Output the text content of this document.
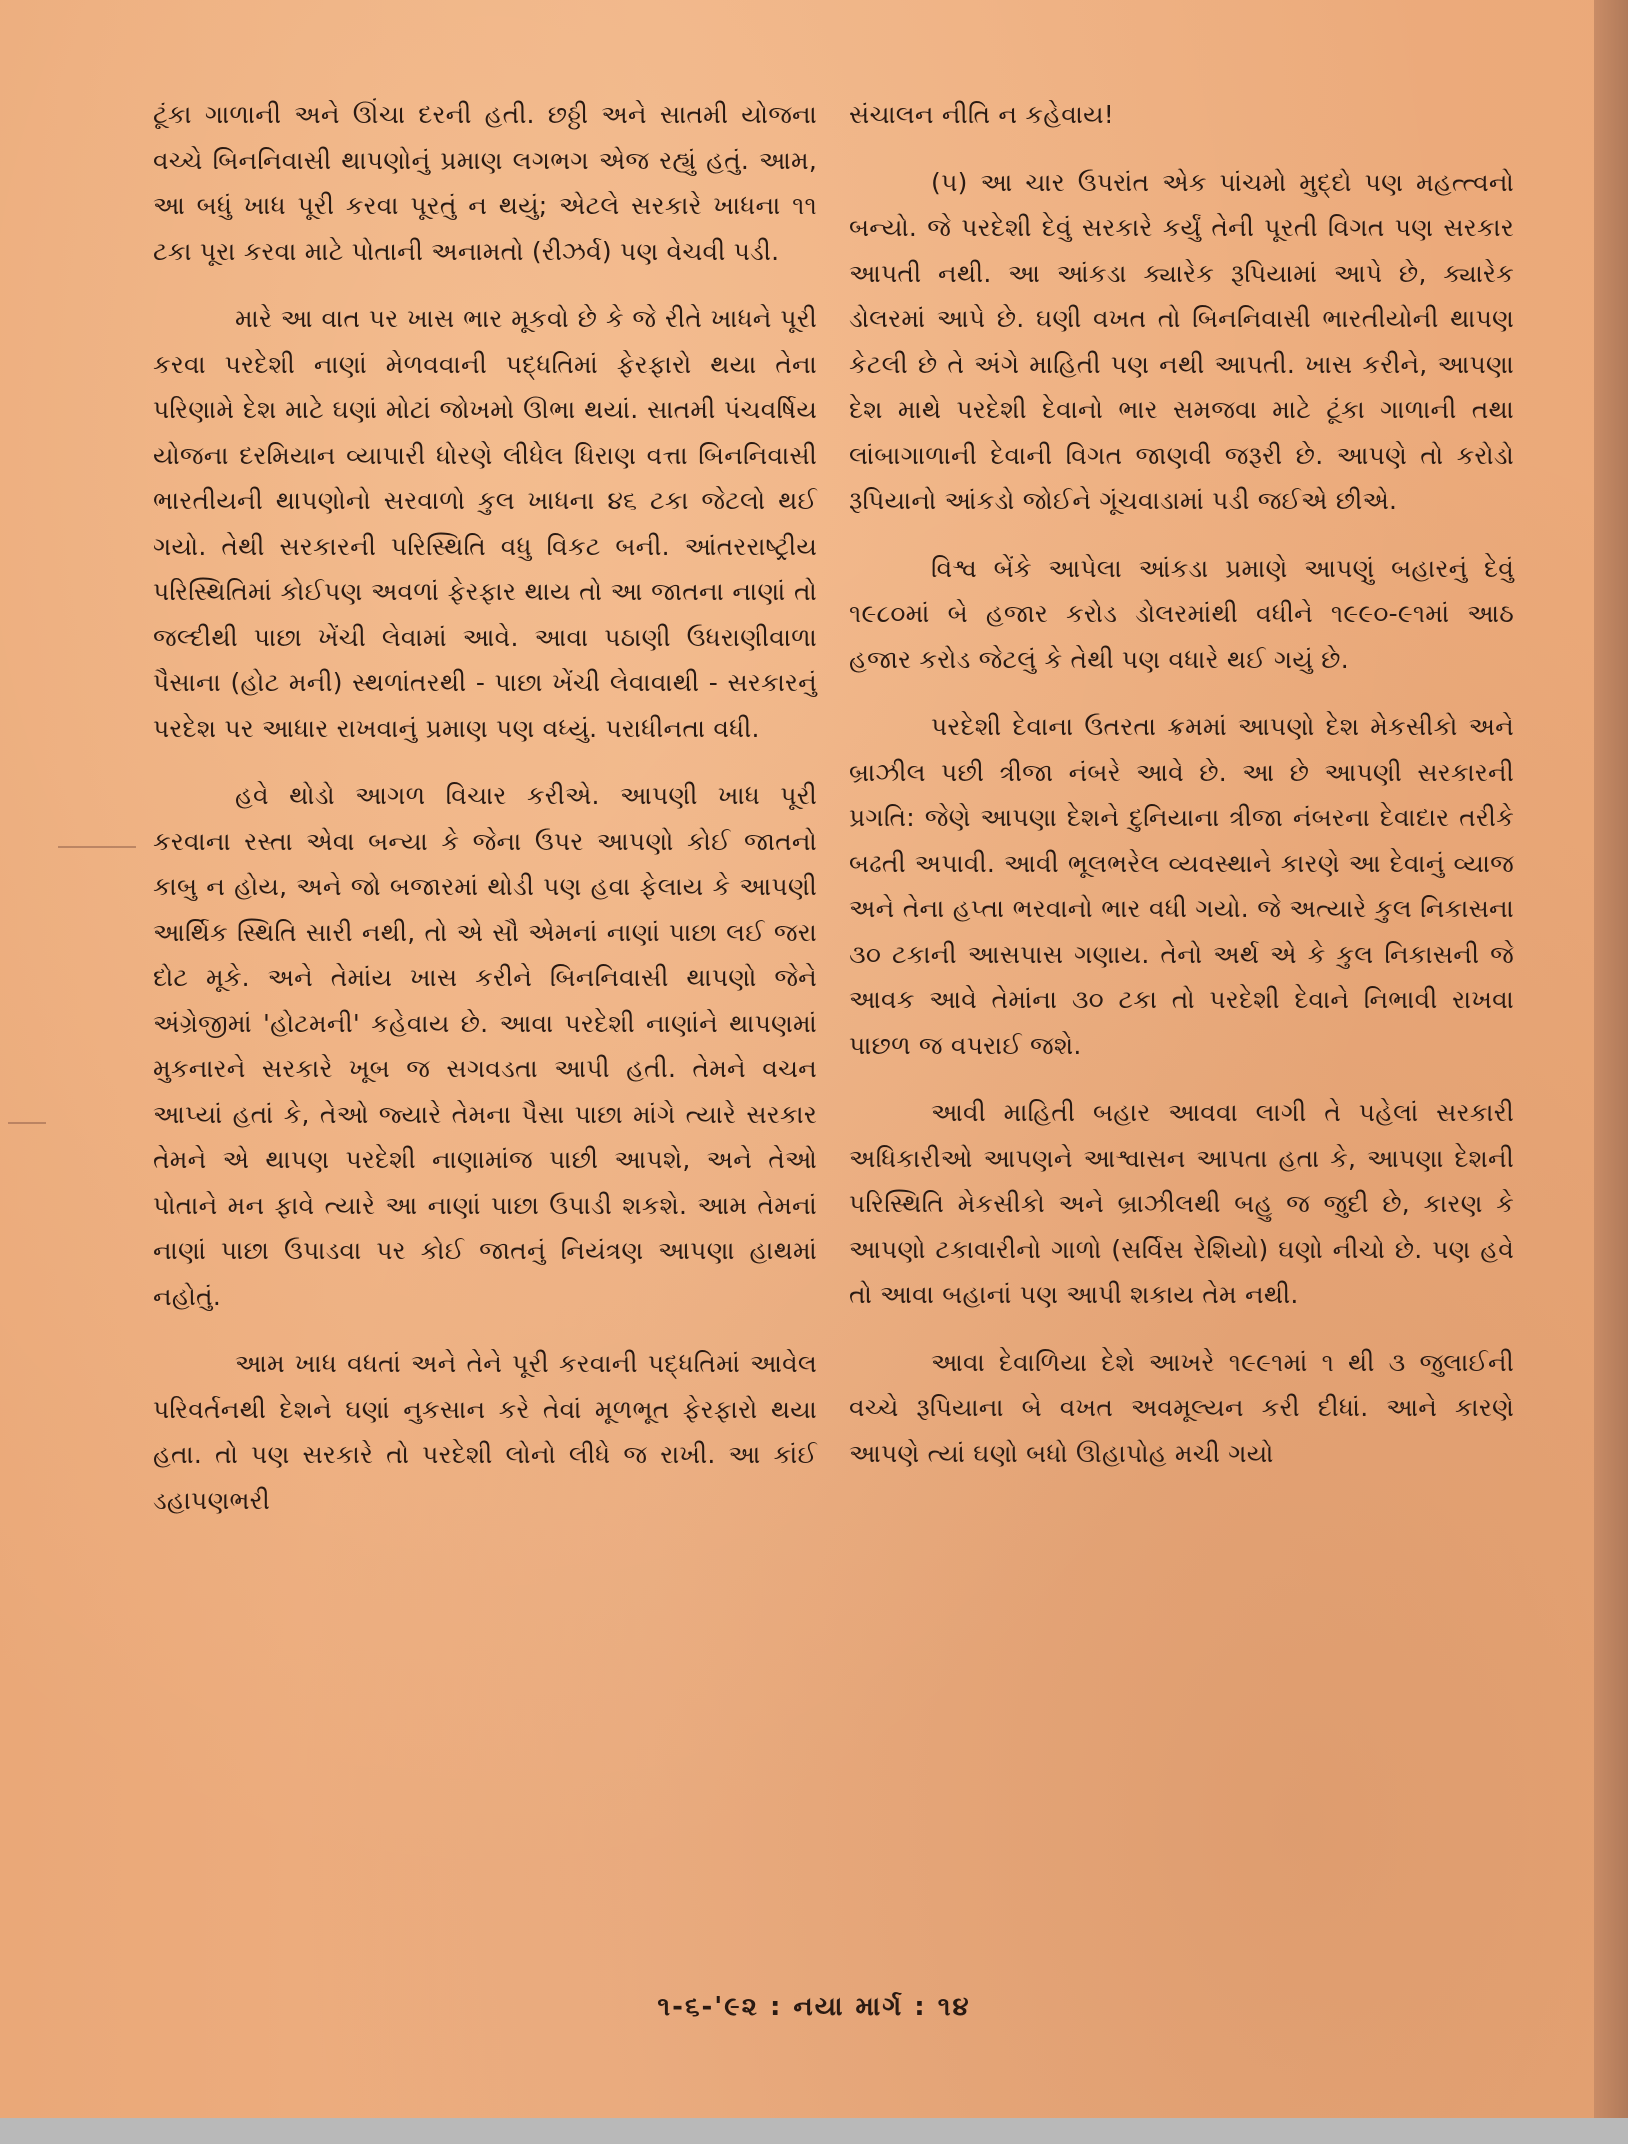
ટૂંકા ગાળાની અને ઊંચા દરની હતી. છઠ્ઠી અને સાતમી યોજના વચ્ચે બિનનિવાસી થાપણોનું પ્રમાણ લગભગ એજ રહ્યું હતું. આમ, આ બધું ખાધ પૂરી કરવા પૂરતું ન થયું; એટલે સરકારે ખાધના ૧૧ ટકા પૂરા કરવા માટે પોતાની અનામતો (રીઝર્વ) પણ વેચવી પડી.

મારે આ વાત પર ખાસ ભાર મૂકવો છે કે જે રીતે ખાધને પૂરી કરવા પરદેશી નાણાં મેળવવાની પદ્ધતિમાં ફેરફારો થયા તેના પરિણામે દેશ માટે ઘણાં મોટાં જોખમો ઊભા થયાં. સાતમી પંચવર્ષિય યોજના દરમિયાન વ્યાપારી ધોરણે લીધેલ ધિરાણ વત્તા બિનનિવાસી ભારતીયની થાપણોનો સરવાળો કુલ ખાધના ૪૬ ટકા જેટલો થઈ ગયો. તેથી સરકારની પરિસ્થિતિ વધુ વિકટ બની. આંતરરાષ્ટ્રીય પરિસ્થિતિમાં કોઈપણ અવળાં ફેરફાર થાય તો આ જાતના નાણાં તો જલ્દીથી પાછા ખેંચી લેવામાં આવે. આવા પઠાણી ઉધરાણીવાળા પૈસાના (હોટ મની) સ્થળાંતરથી - પાછા ખેંચી લેવાવાથી - સરકારનું પરદેશ પર આધાર રાખવાનું પ્રમાણ પણ વધ્યું. પરાધીનતા વધી.

હવે થોડો આગળ વિચાર કરીએ. આપણી ખાધ પૂરી કરવાના રસ્તા એવા બન્યા કે જેના ઉપર આપણો કોઈ જાતનો કાબુ ન હોય, અને જો બજારમાં થોડી પણ હવા ફેલાય કે આપણી આર્થિક સ્થિતિ સારી નથી, તો એ સૌ એમનાં નાણાં પાછા લઈ જરા દોટ મૂકે. અને તેમાંય ખાસ કરીને બિનનિવાસી થાપણો જેને અંગ્રેજીમાં 'હોટમની' કહેવાય છે. આવા પરદેશી નાણાંને થાપણમાં મુકનારને સરકારે ખૂબ જ સગવડતા આપી હતી. તેમને વચન આપ્યાં હતાં કે, તેઓ જ્યારે તેમના પૈસા પાછા માંગે ત્યારે સરકાર તેમને એ થાપણ પરદેશી નાણામાંજ પાછી આપશે, અને તેઓ પોતાને મન ફાવે ત્યારે આ નાણાં પાછા ઉપાડી શકશે. આમ તેમનાં નાણાં પાછા ઉપાડવા પર કોઈ જાતનું નિયંત્રણ આપણા હાથમાં નહોતું.

આમ ખાધ વધતાં અને તેને પૂરી કરવાની પદ્ધતિમાં આવેલ પરિવર્તનથી દેશને ઘણાં નુકસાન કરે તેવાં મૂળભૂત ફેરફારો થયા હતા. તો પણ સરકારે તો પરદેશી લોનો લીધે જ રાખી. આ કાંઈ ડહાપણભરી

સંચાલન નીતિ ન કહેવાય!

(૫) આ ચાર ઉપરાંત એક પાંચમો મુદ્દો પણ મહત્ત્વનો બન્યો. જે પરદેશી દેવું સરકારે કર્યું તેની પૂરતી વિગત પણ સરકાર આપતી નથી. આ આંકડા ક્યારેક રૂપિયામાં આપે છે, ક્યારેક ડોલરમાં આપે છે. ઘણી વખત તો બિનનિવાસી ભારતીયોની થાપણ કેટલી છે તે અંગે માહિતી પણ નથી આપતી. ખાસ કરીને, આપણા દેશ માથે પરદેશી દેવાનો ભાર સમજવા માટે ટૂંકા ગાળાની તથા લાંબાગાળાની દેવાની વિગત જાણવી જરૂરી છે. આપણે તો કરોડો રૂપિયાનો આંકડો જોઈને ગૂંચવાડામાં પડી જઈએ છીએ.

વિશ્વ બેંકે આપેલા આંકડા પ્રમાણે આપણું બહારનું દેવું ૧૯૮૦માં બે હજાર કરોડ ડોલરમાંથી વધીને ૧૯૯૦-૯૧માં આઠ હજાર કરોડ જેટલું કે તેથી પણ વધારે થઈ ગયું છે.

પરદેશી દેવાના ઉતરતા ક્રમમાં આપણો દેશ મેકસીકો અને બ્રાઝીલ પછી ત્રીજા નંબરે આવે છે. આ છે આપણી સરકારની પ્રગતિ: જેણે આપણા દેશને દુનિયાના ત્રીજા નંબરના દેવાદાર તરીકે બઢતી અપાવી. આવી ભૂલભરેલ વ્યવસ્થાને કારણે આ દેવાનું વ્યાજ અને તેના હપ્તા ભરવાનો ભાર વધી ગયો. જે અત્યારે કુલ નિકાસના ૩૦ ટકાની આસપાસ ગણાય. તેનો અર્થ એ કે કુલ નિકાસની જે આવક આવે તેમાંના ૩૦ ટકા તો પરદેશી દેવાને નિભાવી રાખવા પાછળ જ વપરાઈ જશે.

આવી માહિતી બહાર આવવા લાગી તે પહેલાં સરકારી અધિકારીઓ આપણને આશ્વાસન આપતા હતા કે, આપણા દેશની પરિસ્થિતિ મેકસીકો અને બ્રાઝીલથી બહુ જ જુદી છે, કારણ કે આપણો ટકાવારીનો ગાળો (સર્વિસ રેશિયો) ઘણો નીચો છે. પણ હવે તો આવા બહાનાં પણ આપી શકાય તેમ નથી.

આવા દેવાળિયા દેશે આખરે ૧૯૯૧માં ૧ થી ૩ જુલાઈની વચ્ચે રૂપિયાના બે વખત અવમૂલ્યન કરી દીધાં. આને કારણે આપણે ત્યાં ઘણો બધો ઊહાપોહ મચી ગયો

૧-૬-'૯૨ : નયા માર્ગ : ૧૪
